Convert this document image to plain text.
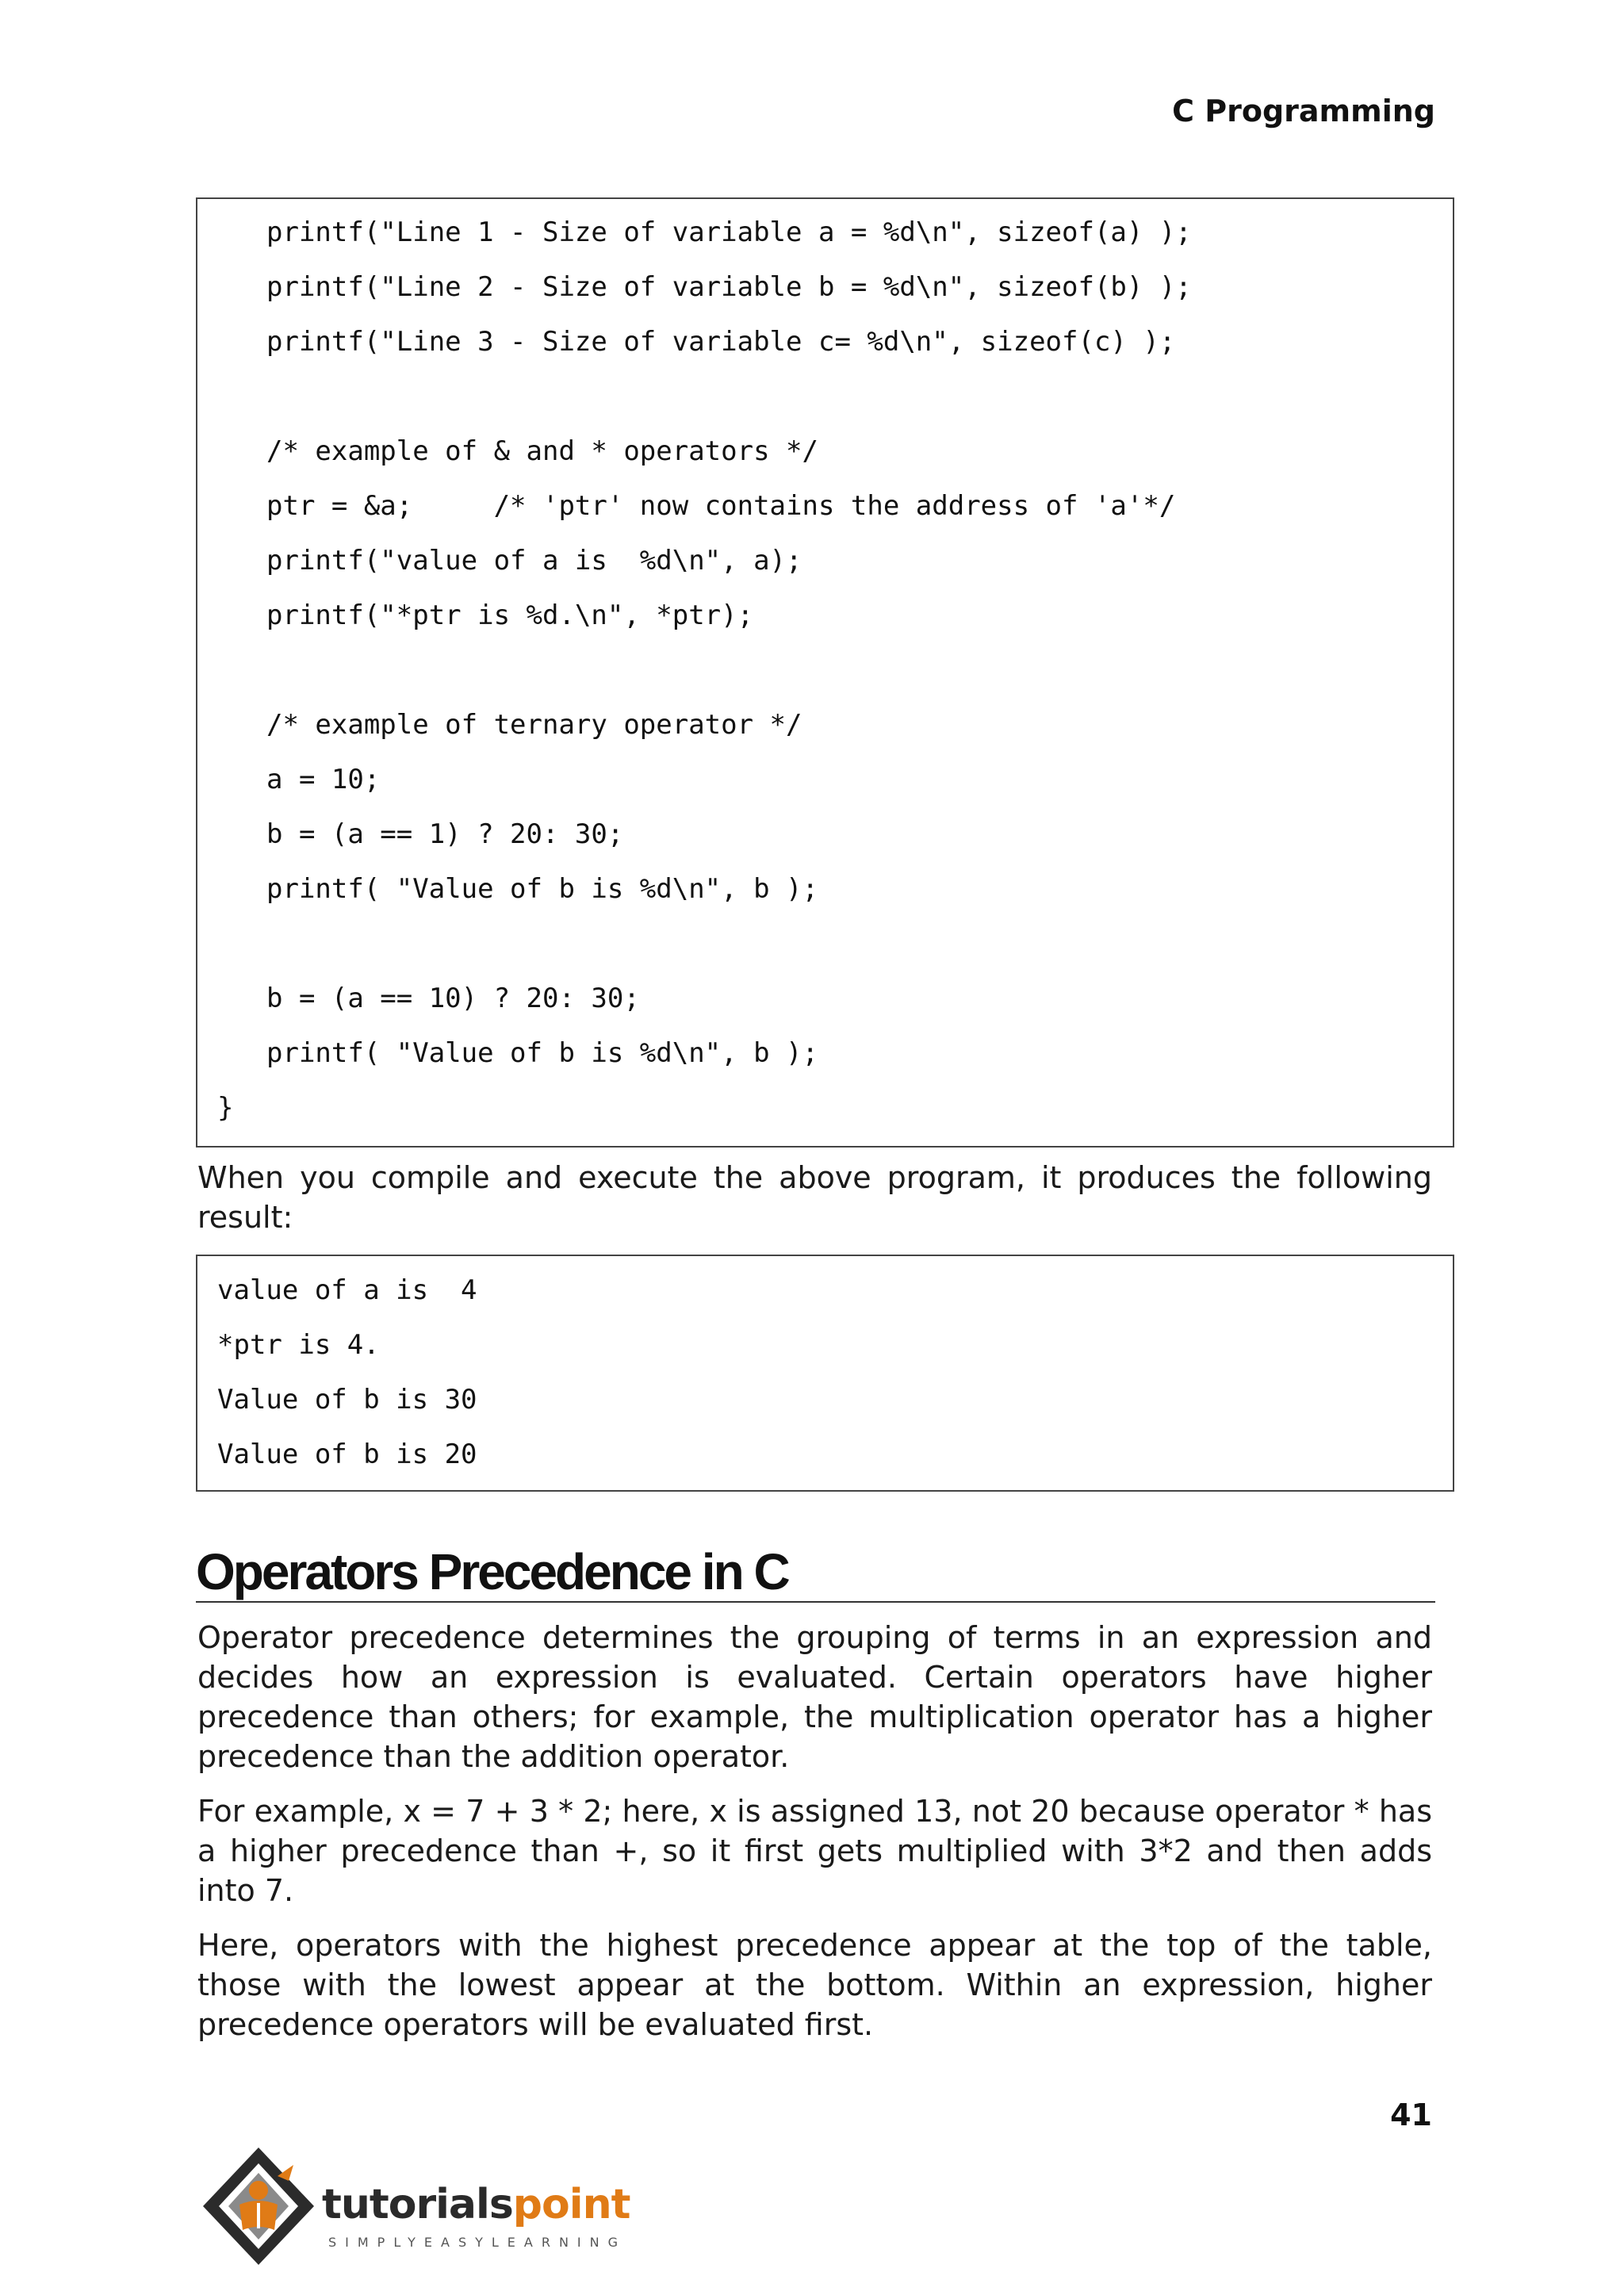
C Programming
printf("Line 1 - Size of variable a = %d\n", sizeof(a) );
printf("Line 2 - Size of variable b = %d\n", sizeof(b) );
printf("Line 3 - Size of variable c= %d\n", sizeof(c) );
/* example of & and * operators */
ptr = &a;     /* 'ptr' now contains the address of 'a'*/
printf("value of a is  %d\n", a);
printf("*ptr is %d.\n", *ptr);
/* example of ternary operator */
a = 10;
b = (a == 1) ? 20: 30;
printf( "Value of b is %d\n", b );
b = (a == 10) ? 20: 30;
printf( "Value of b is %d\n", b );
}

When you compile and execute the above program, it produces the following result:

value of a is  4
*ptr is 4.
Value of b is 30
Value of b is 20
Operators Precedence in C

Operator precedence determines the grouping of terms in an expression and decides how an expression is evaluated. Certain operators have higher precedence than others; for example, the multiplication operator has a higher precedence than the addition operator.

For example, x = 7 + 3 * 2; here, x is assigned 13, not 20 because operator * has a higher precedence than +, so it first gets multiplied with 3*2 and then adds into 7.

Here, operators with the highest precedence appear at the top of the table, those with the lowest appear at the bottom. Within an expression, higher precedence operators will be evaluated first.

41
tutorialspoint
SIMPLYEASYLEARNING
